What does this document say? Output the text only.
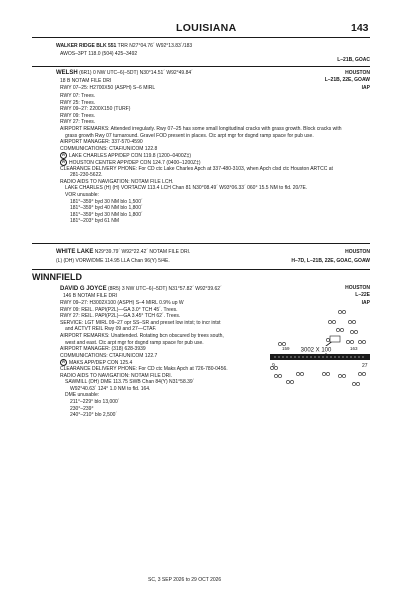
LOUISIANA	143
WALKER RIDGE BLK 551 TRR N27°04.76´ W92°13.83´/183
AWOS–3PT 118.0 (504) 425–3492
L–21B, GOAC
WELSH (6R1) 0 NW UTC–6(–5DT) N30°14.51´ W92°49.84´	HOUSTON
18 B NOTAM FILE DRI	L–21B, 22E, GOAW
RWY 07–25: H2700X50 (ASPH) S–6 MIRL	IAP
RWY 07: Trees.
RWY 25: Trees.
RWY 09–27: 2200X150 (TURF)
RWY 09: Trees.
RWY 27: Trees.
AIRPORT REMARKS: Attended irregularly. Rwy 07–25 has some small longitudinal cracks with grass growth. Block cracks with
grass growth Rwy 07 turnaround. Gravel FOD present in places. Ctc arpt mgr for dsgnd ramp space for pub use.
AIRPORT MANAGER: 337-570-4590
COMMUNICATIONS: CTAF/UNICOM 122.8
R LAKE CHARLES APP/DEP CON 119.8 (1200–0400Z‡)
R HOUSTON CENTER APP/DEP CON 124.7 (0400–1200Z‡)
CLEARANCE DELIVERY PHONE: For CD ctc Lake Charles Apch at 337-480-3103, when Apch clsd ctc Houston ARTCC at
281-230-5622.
RADIO AIDS TO NAVIGATION: NOTAM FILE LCH.
LAKE CHARLES (H) (H) VORTACW 113.4 LCH Chan 81 N30°08.49´ W93°06.33´ 060° 15.5 NM to fld. 20/7E.
VOR unusable:
181°–359° byd 30 NM blo 1,500´
181°–359° byd 40 NM blo 1,800´
181°–359° byd 30 NM blo 1,800´
181°–203° byd 61 NM
WHITE LAKE N29°39.79´ W92°22.42´ NOTAM FILE DRI.	HOUSTON
(L) (DH) VORW/DME 114.95 LLA Chan 96(Y) 5/4E.	H–7D, L–21B, 22E, GOAC, GOAW
WINNFIELD
DAVID G JOYCE (8R5) 3 NW UTC–6(–5DT) N31°57.82´ W92°39.62´	HOUSTON
146 B NOTAM FILE DRI	L–22E
IAP
RWY 09–27: H3002X100 (ASPH) S–4 MIRL 0.9% up W
RWY 09: REIL. PAPI(P2L)—GA 3.0° TCH 45´. Trees.
RWY 27: REIL. PAPI(P2L)—GA 3.45° TCH 62´. Trees.
SERVICE: LGT MIRL 09–27 opr SS–SR and preset low intst; to incr intst
and ACTVT REIL Rwy 09 and 27—CTAF.
AIRPORT REMARKS: Unattended. Rotating bcn obscured by trees south,
west and east. Ctc arpt mgr for dsgnd ramp space for pub use.
AIRPORT MANAGER: (318) 628-3939
COMMUNICATIONS: CTAF/UNICOM 122.7
R MAKS APP/DEP CON 125.4
CLEARANCE DELIVERY PHONE: For CD ctc Maks Apch at 726-780-0456.
RADIO AIDS TO NAVIGATION: NOTAM FILE DRI.
SAWMILL (DH) DME 113.75 SWB Chan 84(Y) N31°58.39´
W92°40.63´ 124° 1.0 NM to fld. 164.
DME unusable:
211°–229° blo 13,000´
230°–239°
240°–210° blo 2,500´
3002 X 100
9
159	163
27
SC, 3 SEP 2026 to 29 OCT 2026
